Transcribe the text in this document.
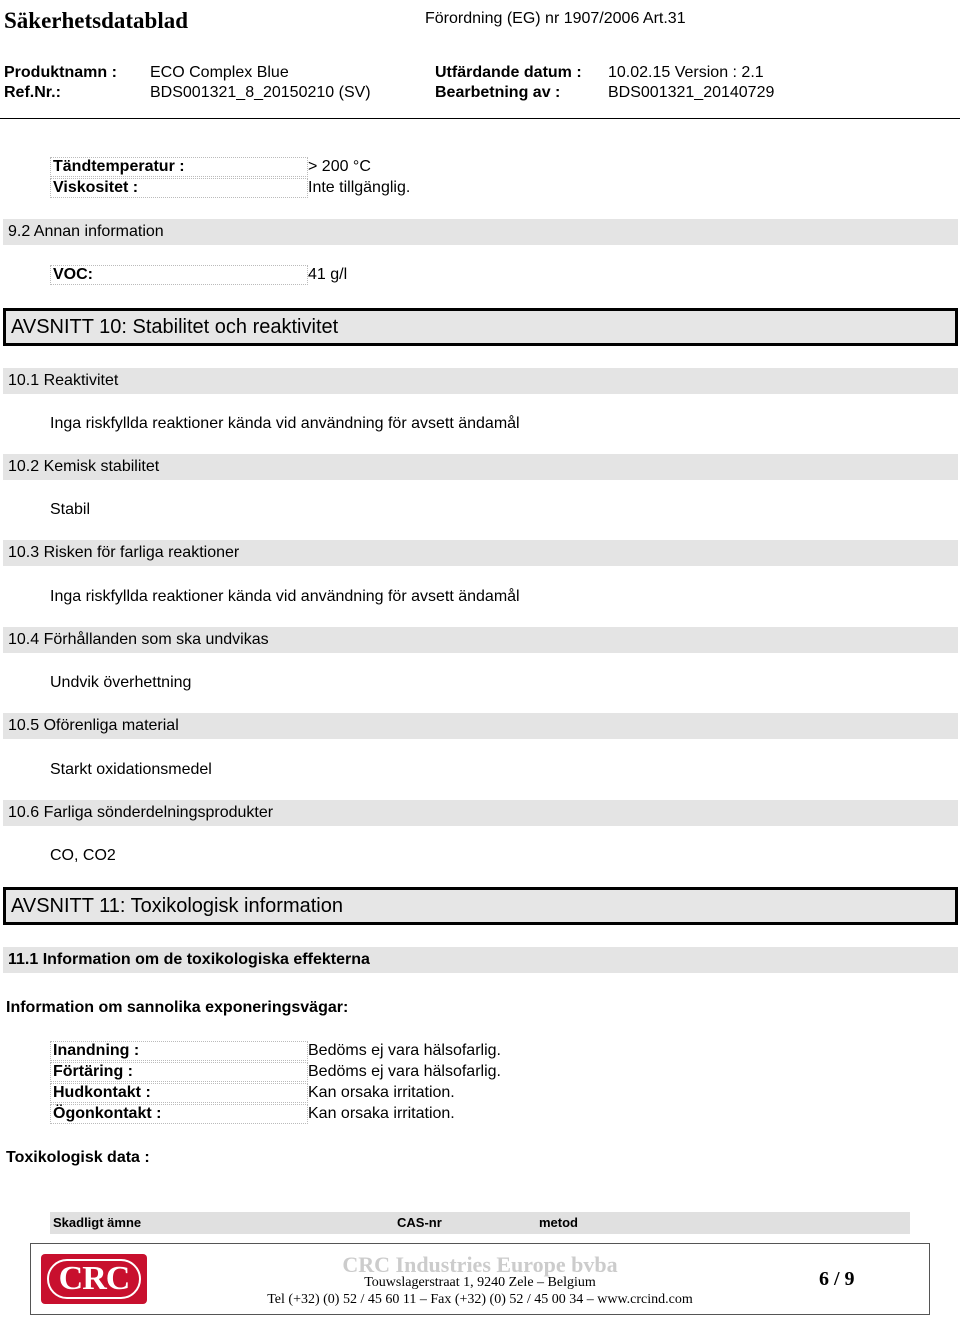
Säkerhetsdatablad	Förordning (EG) nr 1907/2006 Art.31
Produktnamn : ECO Complex Blue
Ref.Nr.:	BDS001321_8_20150210 (SV)
Utfärdande datum : 10.02.15 Version : 2.1
Bearbetning av :	BDS001321_20140729
Tändtemperatur :	> 200 °C
Viskositet :	Inte tillgänglig.
9.2 Annan information
VOC:	41 g/l
AVSNITT 10: Stabilitet och reaktivitet
10.1 Reaktivitet
Inga riskfyllda reaktioner kända vid användning för avsett ändamål
10.2 Kemisk stabilitet
Stabil
10.3 Risken för farliga reaktioner
Inga riskfyllda reaktioner kända vid användning för avsett ändamål
10.4 Förhållanden som ska undvikas
Undvik överhettning
10.5 Oförenliga material
Starkt oxidationsmedel
10.6 Farliga sönderdelningsprodukter
CO, CO2
AVSNITT 11: Toxikologisk information
11.1 Information om de toxikologiska effekterna
Information om sannolika exponeringsvägar:
Inandning :	Bedöms ej vara hälsofarlig.
Förtäring :	Bedöms ej vara hälsofarlig.
Hudkontakt :	Kan orsaka irritation.
Ögonkontakt :	Kan orsaka irritation.
Toxikologisk data :
Skadligt ämne	CAS-nr	metod
CRC	CRC Industries Europe bvba
Touwslagerstraat 1, 9240 Zele – Belgium
Tel (+32) (0) 52 / 45 60 11 – Fax (+32) (0) 52 / 45 00 34 – www.crcind.com
6 / 9
